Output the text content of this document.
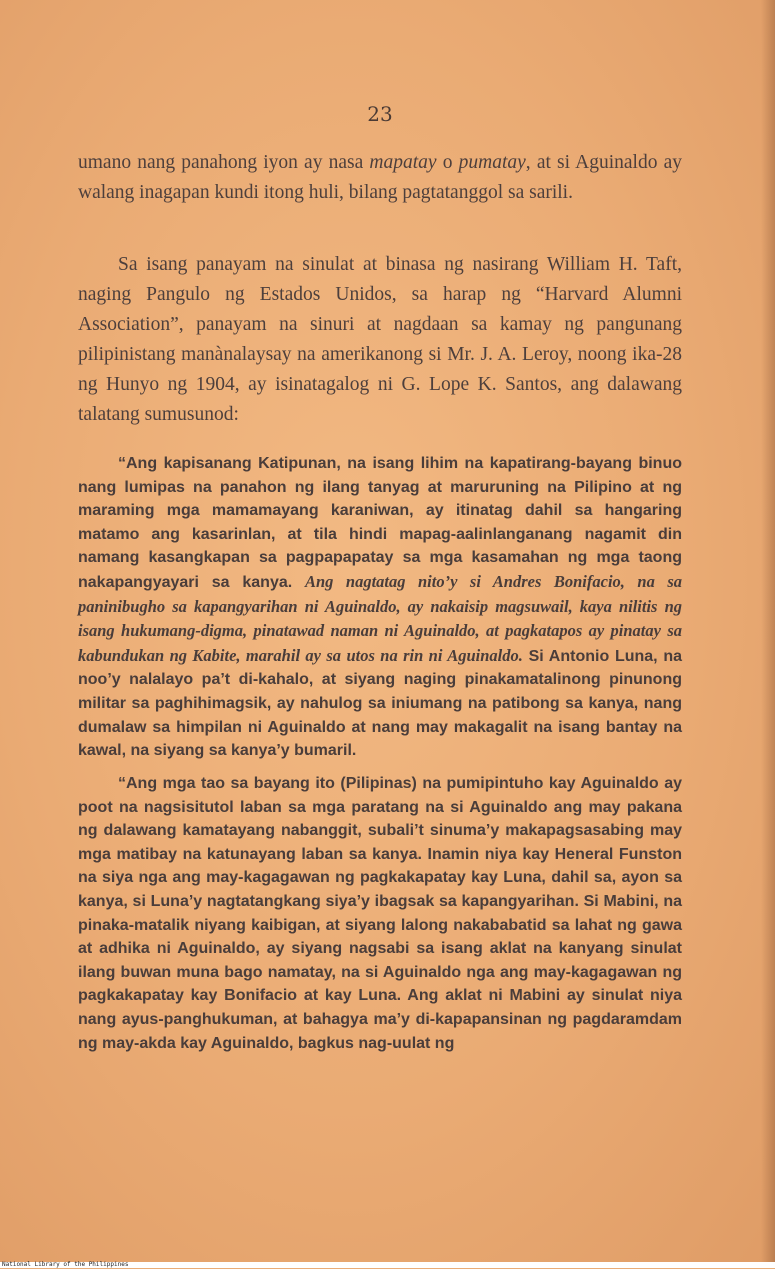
23

umano nang panahong iyon ay nasa mapatay o pumatay, at si Aguinaldo ay walang inagapan kundi itong huli, bilang pagtatanggol sa sarili.

Sa isang panayam na sinulat at binasa ng nasirang William H. Taft, naging Pangulo ng Estados Unidos, sa harap ng “Harvard Alumni Association”, panayam na sinuri at nagdaan sa kamay ng pangunang pilipinistang manànalaysay na amerikanong si Mr. J. A. Leroy, noong ika-28 ng Hunyo ng 1904, ay isinatagalog ni G. Lope K. Santos, ang dalawang talatang sumusunod:

“Ang kapisanang Katipunan, na isang lihim na kapatirang-bayang binuo nang lumipas na panahon ng ilang tanyag at maruruning na Pilipino at ng maraming mga mamamayang karaniwan, ay itinatag dahil sa hangaring matamo ang kasarinlan, at tila hindi mapag-aalinlanganang nagamit din namang kasangkapan sa pagpapapatay sa mga kasamahan ng mga taong nakapangyayari sa kanya. Ang nagtatag nito’y si Andres Bonifacio, na sa paninibugho sa kapangyarihan ni Aguinaldo, ay nakaisip magsuwail, kaya nilitis ng isang hukumang-digma, pinatawad naman ni Aguinaldo, at pagkatapos ay pinatay sa kabundukan ng Kabite, marahil ay sa utos na rin ni Aguinaldo. Si Antonio Luna, na noo’y nalalayo pa’t di-kahalo, at siyang naging pinakamatalinong pinunong militar sa paghihimagsik, ay nahulog sa iniumang na patibong sa kanya, nang dumalaw sa himpilan ni Aguinaldo at nang may makagalit na isang bantay na kawal, na siyang sa kanya’y bumaril.

“Ang mga tao sa bayang ito (Pilipinas) na pumipintuho kay Aguinaldo ay poot na nagsisitutol laban sa mga paratang na si Aguinaldo ang may pakana ng dalawang kamatayang nabanggit, subali’t sinuma’y makapagsasabing may mga matibay na katunayang laban sa kanya. Inamin niya kay Heneral Funston na siya nga ang may-kagagawan ng pagkakapatay kay Luna, dahil sa, ayon sa kanya, si Luna’y nagtatangkang siya’y ibagsak sa kapangyarihan. Si Mabini, na pinaka-matalik niyang kaibigan, at siyang lalong nakababatid sa lahat ng gawa at adhika ni Aguinaldo, ay siyang nagsabi sa isang aklat na kanyang sinulat ilang buwan muna bago namatay, na si Aguinaldo nga ang may-kagagawan ng pagkakapatay kay Bonifacio at kay Luna. Ang aklat ni Mabini ay sinulat niya nang ayus-panghukuman, at bahagya ma’y di-kapapansinan ng pagdaramdam ng may-akda kay Aguinaldo, bagkus nag-uulat ng

National Library of the Philippines
